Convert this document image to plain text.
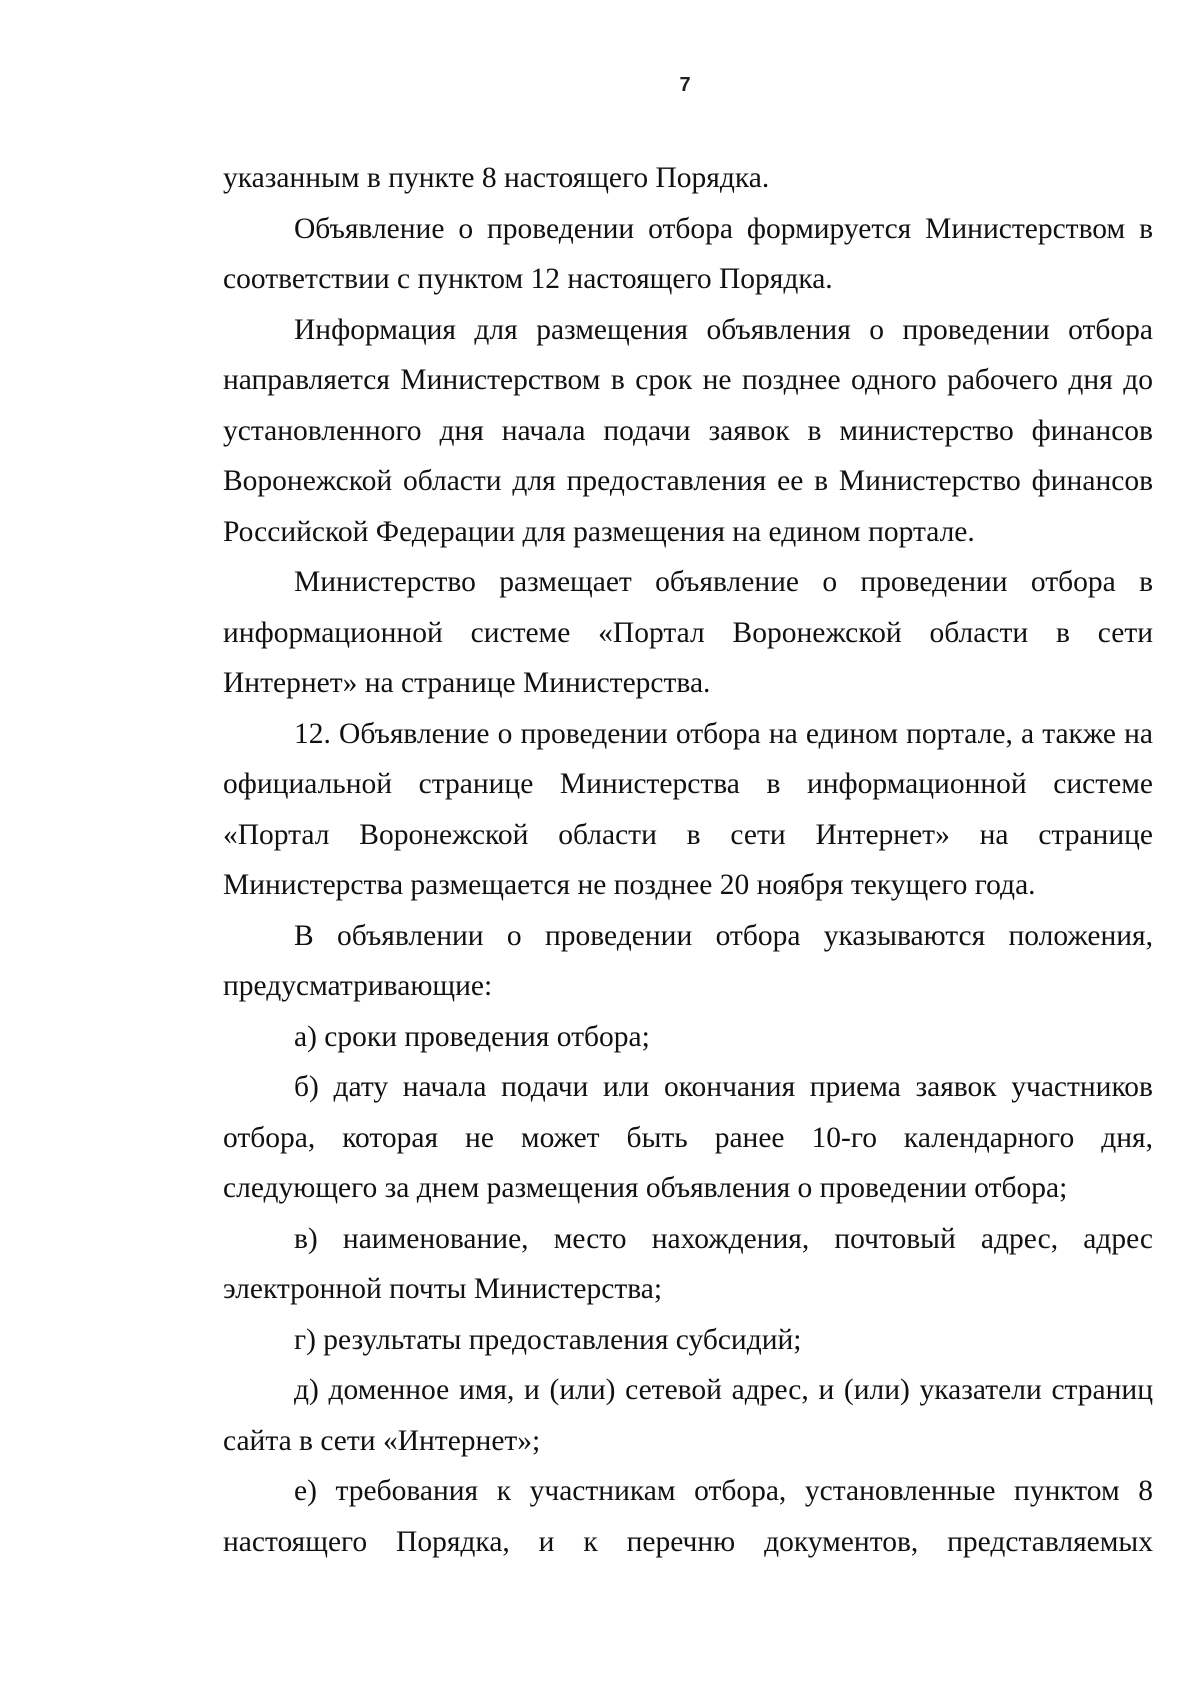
7

указанным в пункте 8 настоящего Порядка.

Объявление о проведении отбора формируется Министерством в соответствии с пунктом 12 настоящего Порядка.

Информация для размещения объявления о проведении отбора направляется Министерством в срок не позднее одного рабочего дня до установленного дня начала подачи заявок в министерство финансов Воронежской области для предоставления ее в Министерство финансов Российской Федерации для размещения на едином портале.

Министерство размещает объявление о проведении отбора в информационной системе «Портал Воронежской области в сети Интернет» на странице Министерства.

12. Объявление о проведении отбора на едином портале, а также на официальной странице Министерства в информационной системе «Портал Воронежской области в сети Интернет» на странице Министерства размещается не позднее 20 ноября текущего года.

В объявлении о проведении отбора указываются положения, предусматривающие:

а) сроки проведения отбора;

б) дату начала подачи или окончания приема заявок участников отбора, которая не может быть ранее 10-го календарного дня, следующего за днем размещения объявления о проведении отбора;

в) наименование, место нахождения, почтовый адрес, адрес электронной почты Министерства;

г) результаты предоставления субсидий;

д) доменное имя, и (или) сетевой адрес, и (или) указатели страниц сайта в сети «Интернет»;

е) требования к участникам отбора, установленные пунктом 8 настоящего Порядка, и к перечню документов, представляемых
